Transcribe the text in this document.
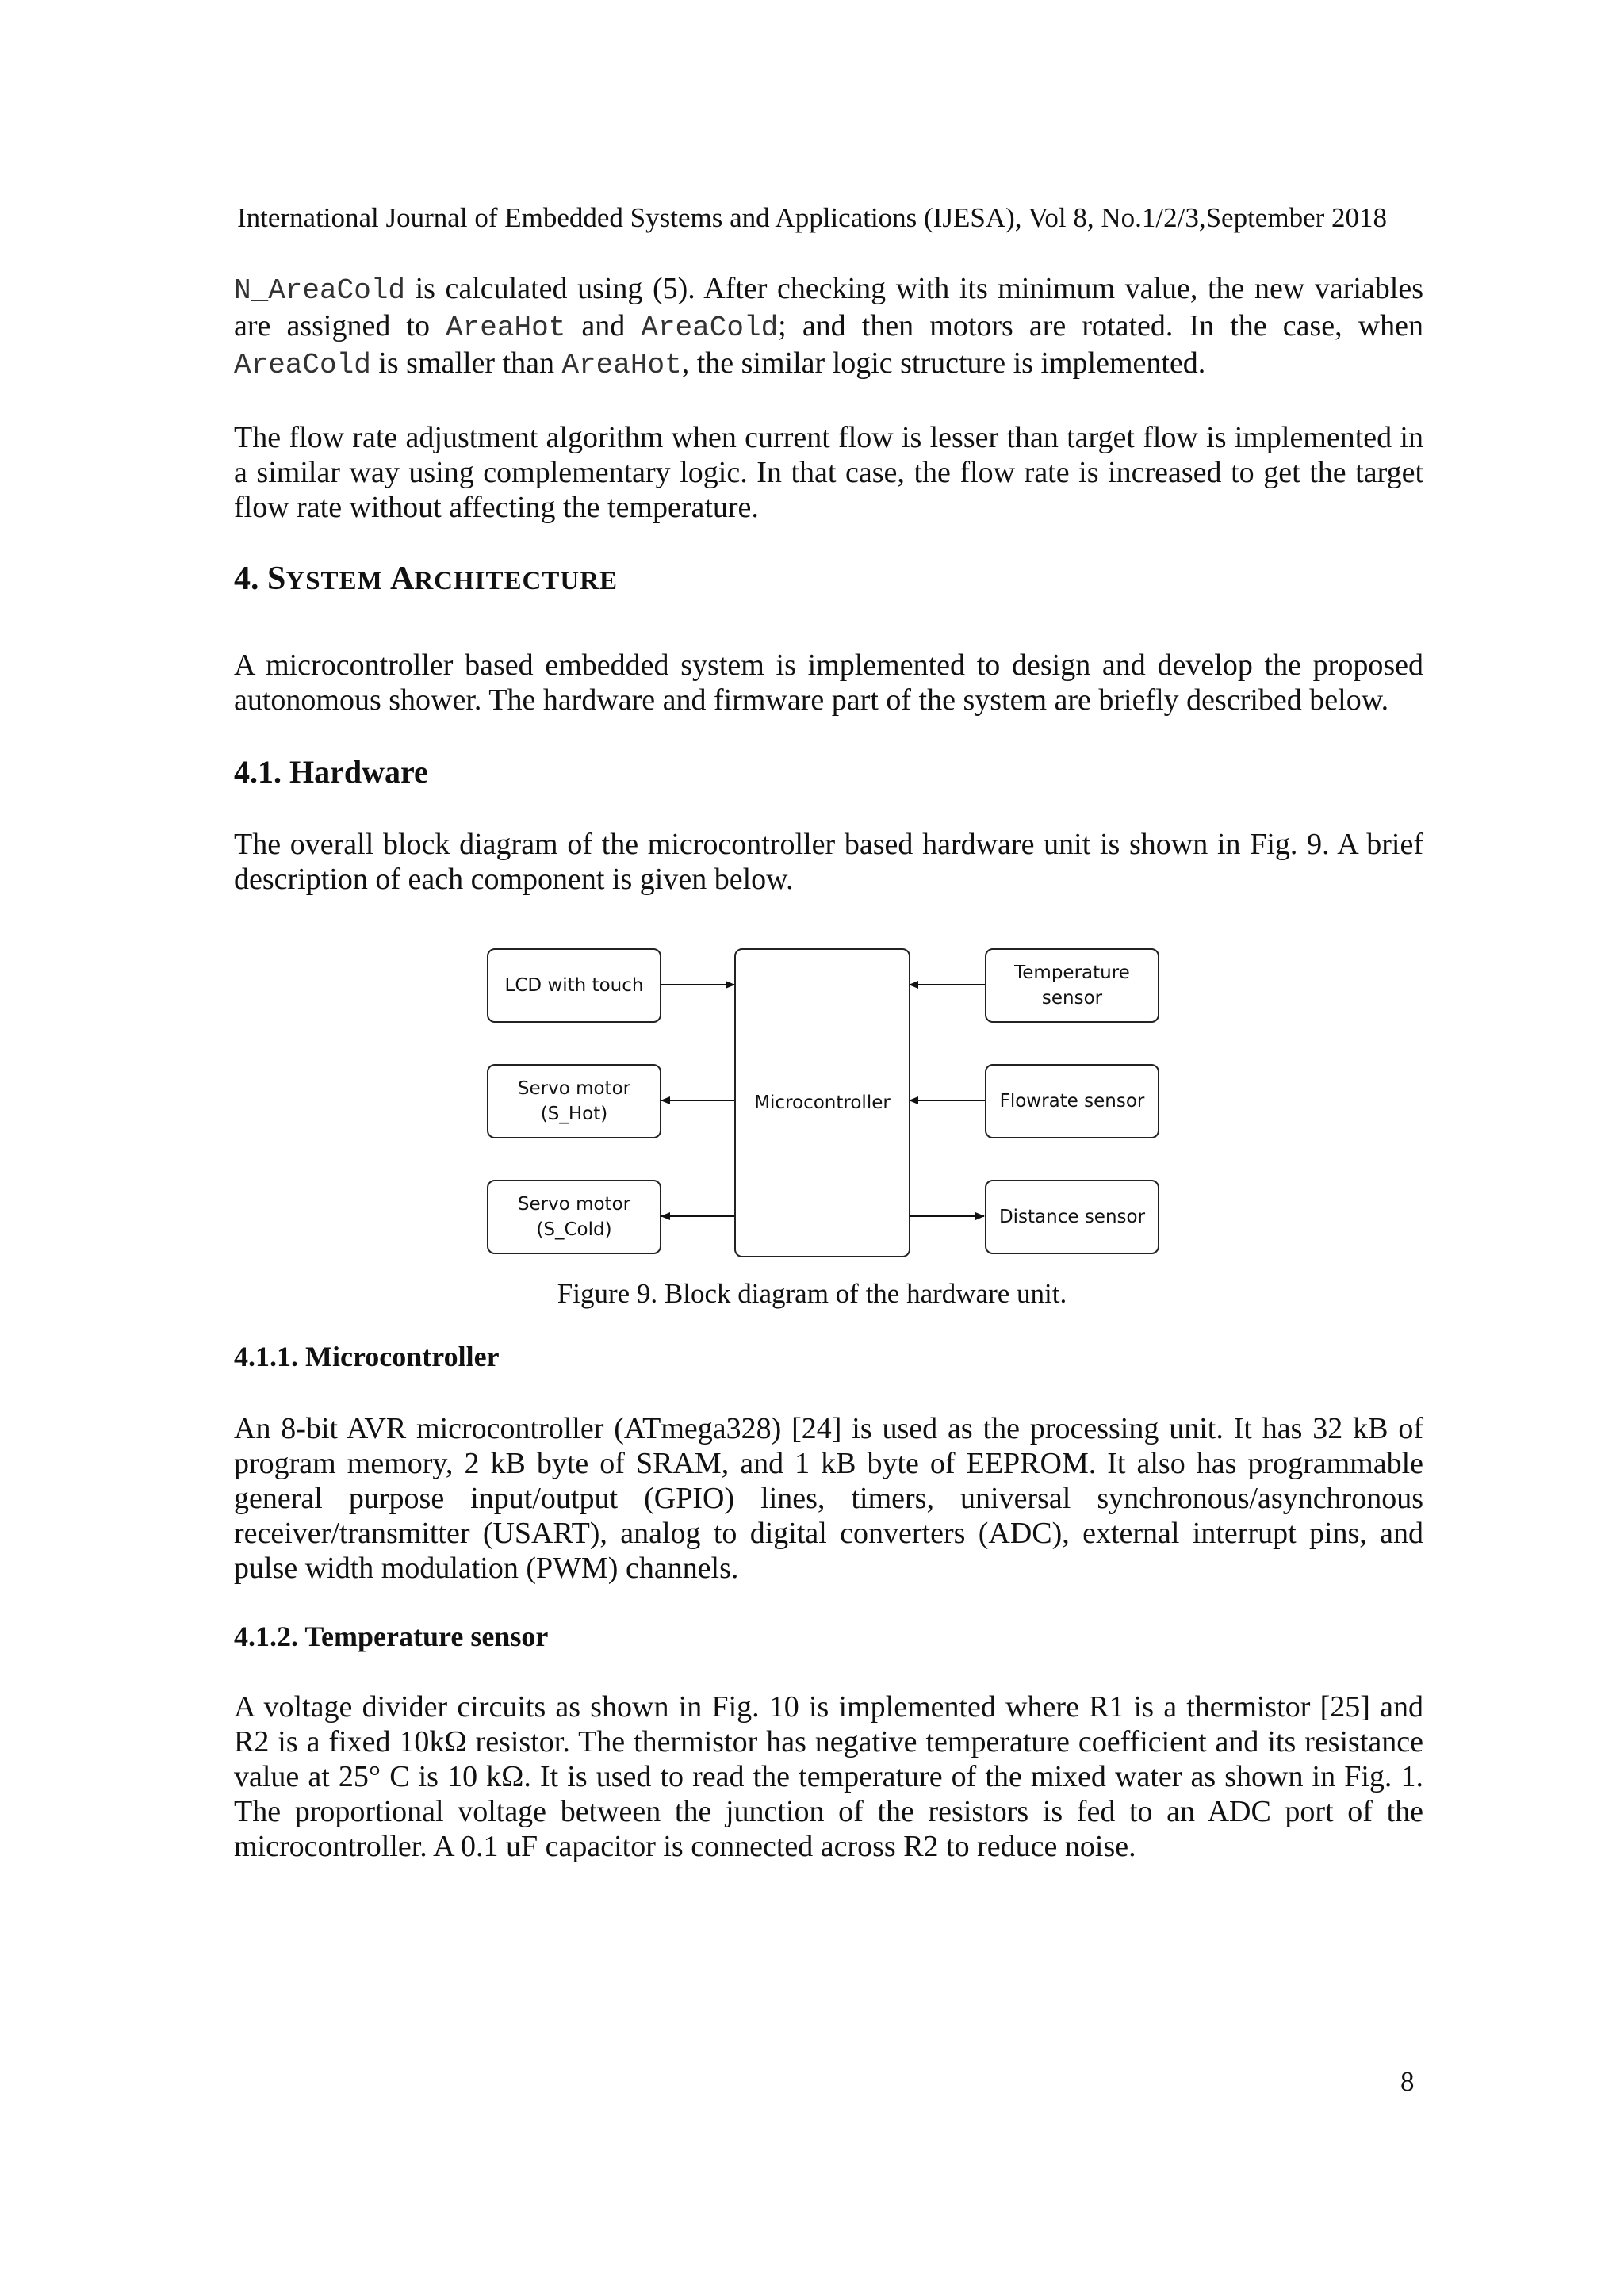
International Journal of Embedded Systems and Applications (IJESA), Vol 8, No.1/2/3,September 2018

N_AreaCold is calculated using (5). After checking with its minimum value, the new variables are assigned to AreaHot and AreaCold; and then motors are rotated. In the case, when AreaCold is smaller than AreaHot, the similar logic structure is implemented.

The flow rate adjustment algorithm when current flow is lesser than target flow is implemented in a similar way using complementary logic. In that case, the flow rate is increased to get the target flow rate without affecting the temperature.

4. SYSTEM ARCHITECTURE

A microcontroller based embedded system is implemented to design and develop the proposed autonomous shower. The hardware and firmware part of the system are briefly described below.

4.1. Hardware

The overall block diagram of the microcontroller based hardware unit is shown in Fig. 9. A brief description of each component is given below.

LCD with touch
Servo motor
(S_Hot)
Servo motor
(S_Cold)
Microcontroller
Temperature
sensor
Flowrate sensor
Distance sensor
Figure 9. Block diagram of the hardware unit.
4.1.1. Microcontroller

An 8-bit AVR microcontroller (ATmega328) [24] is used as the processing unit. It has 32 kB of program memory, 2 kB byte of SRAM, and 1 kB byte of EEPROM. It also has programmable general purpose input/output (GPIO) lines, timers, universal synchronous/asynchronous receiver/transmitter (USART), analog to digital converters (ADC), external interrupt pins, and pulse width modulation (PWM) channels.

4.1.2. Temperature sensor

A voltage divider circuits as shown in Fig. 10 is implemented where R1 is a thermistor [25] and R2 is a fixed 10kΩ resistor. The thermistor has negative temperature coefficient and its resistance value at 25° C is 10 kΩ. It is used to read the temperature of the mixed water as shown in Fig. 1. The proportional voltage between the junction of the resistors is fed to an ADC port of the microcontroller. A 0.1 uF capacitor is connected across R2 to reduce noise.

8
